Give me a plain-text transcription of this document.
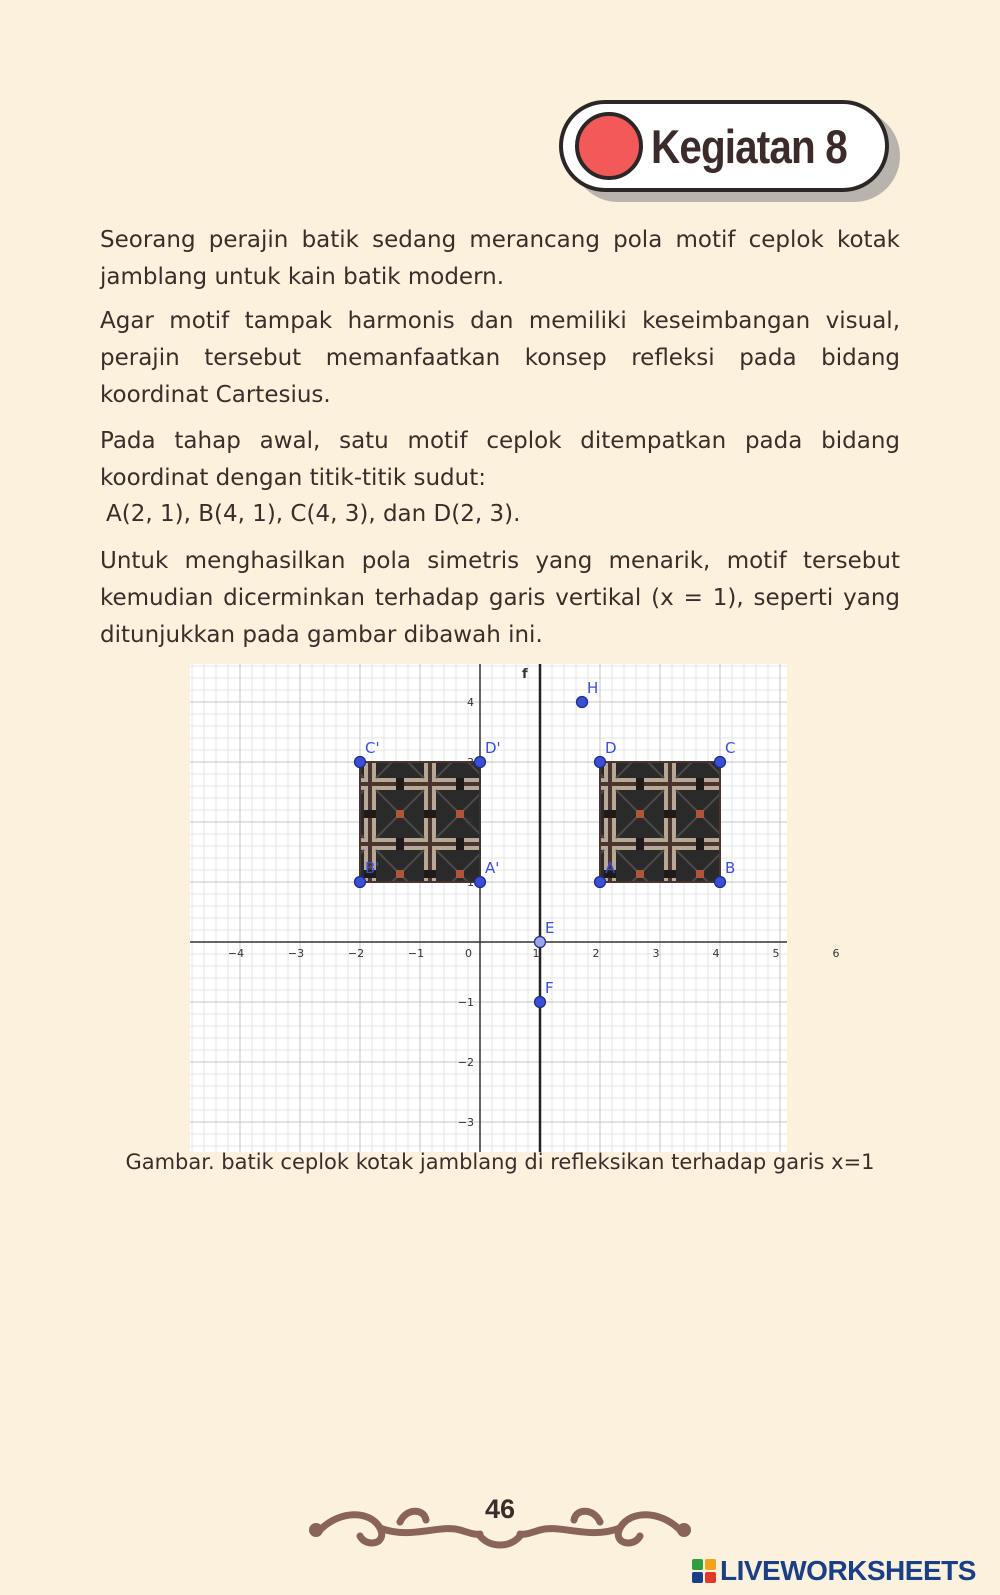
Kegiatan 8

Seorang perajin batik sedang merancang pola motif ceplok kotak jamblang untuk kain batik modern.

Agar motif tampak harmonis dan memiliki keseimbangan visual, perajin tersebut memanfaatkan konsep refleksi pada bidang koordinat Cartesius.

Pada tahap awal, satu motif ceplok ditempatkan pada bidang koordinat dengan titik-titik sudut:

A(2, 1), B(4, 1), C(4, 3), dan D(2, 3).

Untuk menghasilkan pola simetris yang menarik, motif tersebut kemudian dicerminkan terhadap garis vertikal (x = 1), seperti yang ditunjukkan pada gambar dibawah ini.

−4	−3	−2	−1	1	2	3	4	5	6
−3
−2
−1
1
2
3
4
0
f
A	B
C
D
A'
B'
C'	D'
E
F
H
Gambar. batik ceplok kotak jamblang di refleksikan terhadap garis x=1
46
LIVEWORKSHEETS
